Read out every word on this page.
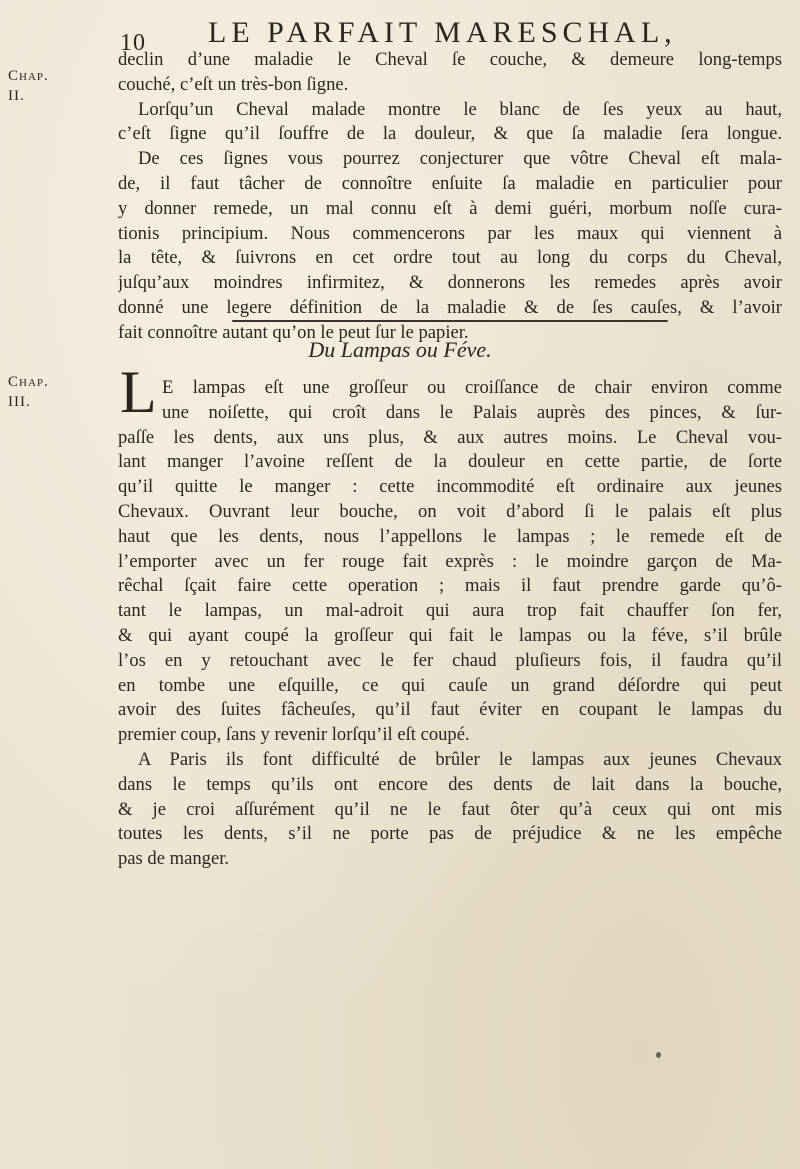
10 LE PARFAIT MARESCHAL,
Chap.
II.
declin d’une maladie le Cheval ſe couche, & demeure long-temps
couché, c’eſt un très-bon ſigne.
Lorſqu’un Cheval malade montre le blanc de ſes yeux au haut,
c’eſt ſigne qu’il ſouffre de la douleur, & que ſa maladie ſera longue.
De ces ſignes vous pourrez conjecturer que vôtre Cheval eſt mala-
de, il faut tâcher de connoître enſuite ſa maladie en particulier pour
y donner remede, un mal connu eſt à demi guéri, morbum noſſe cura-
tionis principium. Nous commencerons par les maux qui viennent à
la tête, & ſuivrons en cet ordre tout au long du corps du Cheval,
juſqu’aux moindres infirmitez, & donnerons les remedes après avoir
donné une legere définition de la maladie & de ſes cauſes, & l’avoir
fait connoître autant qu’on le peut ſur le papier.
Du Lampas ou Féve.
Chap.
III.	L E lampas eſt une groſſeur ou croiſſance de chair environ comme
une noiſette, qui croît dans le Palais auprès des pinces, & ſur-
paſſe les dents, aux uns plus, & aux autres moins. Le Cheval vou-
lant manger l’avoine reſſent de la douleur en cette partie, de ſorte
qu’il quitte le manger : cette incommodité eſt ordinaire aux jeunes
Chevaux. Ouvrant leur bouche, on voit d’abord ſi le palais eſt plus
haut que les dents, nous l’appellons le lampas ; le remede eſt de
l’emporter avec un fer rouge fait exprès : le moindre garçon de Ma-
rêchal ſçait faire cette operation ; mais il faut prendre garde qu’ô-
tant le lampas, un mal-adroit qui aura trop fait chauffer ſon fer,
& qui ayant coupé la groſſeur qui fait le lampas ou la féve, s’il brûle
l’os en y retouchant avec le fer chaud pluſieurs fois, il faudra qu’il
en tombe une eſquille, ce qui cauſe un grand déſordre qui peut
avoir des ſuites fâcheuſes, qu’il faut éviter en coupant le lampas du
premier coup, ſans y revenir lorſqu’il eſt coupé.
A Paris ils font difficulté de brûler le lampas aux jeunes Chevaux
dans le temps qu’ils ont encore des dents de lait dans la bouche,
& je croi aſſurément qu’il ne le faut ôter qu’à ceux qui ont mis
toutes les dents, s’il ne porte pas de préjudice & ne les empêche
pas de manger.
